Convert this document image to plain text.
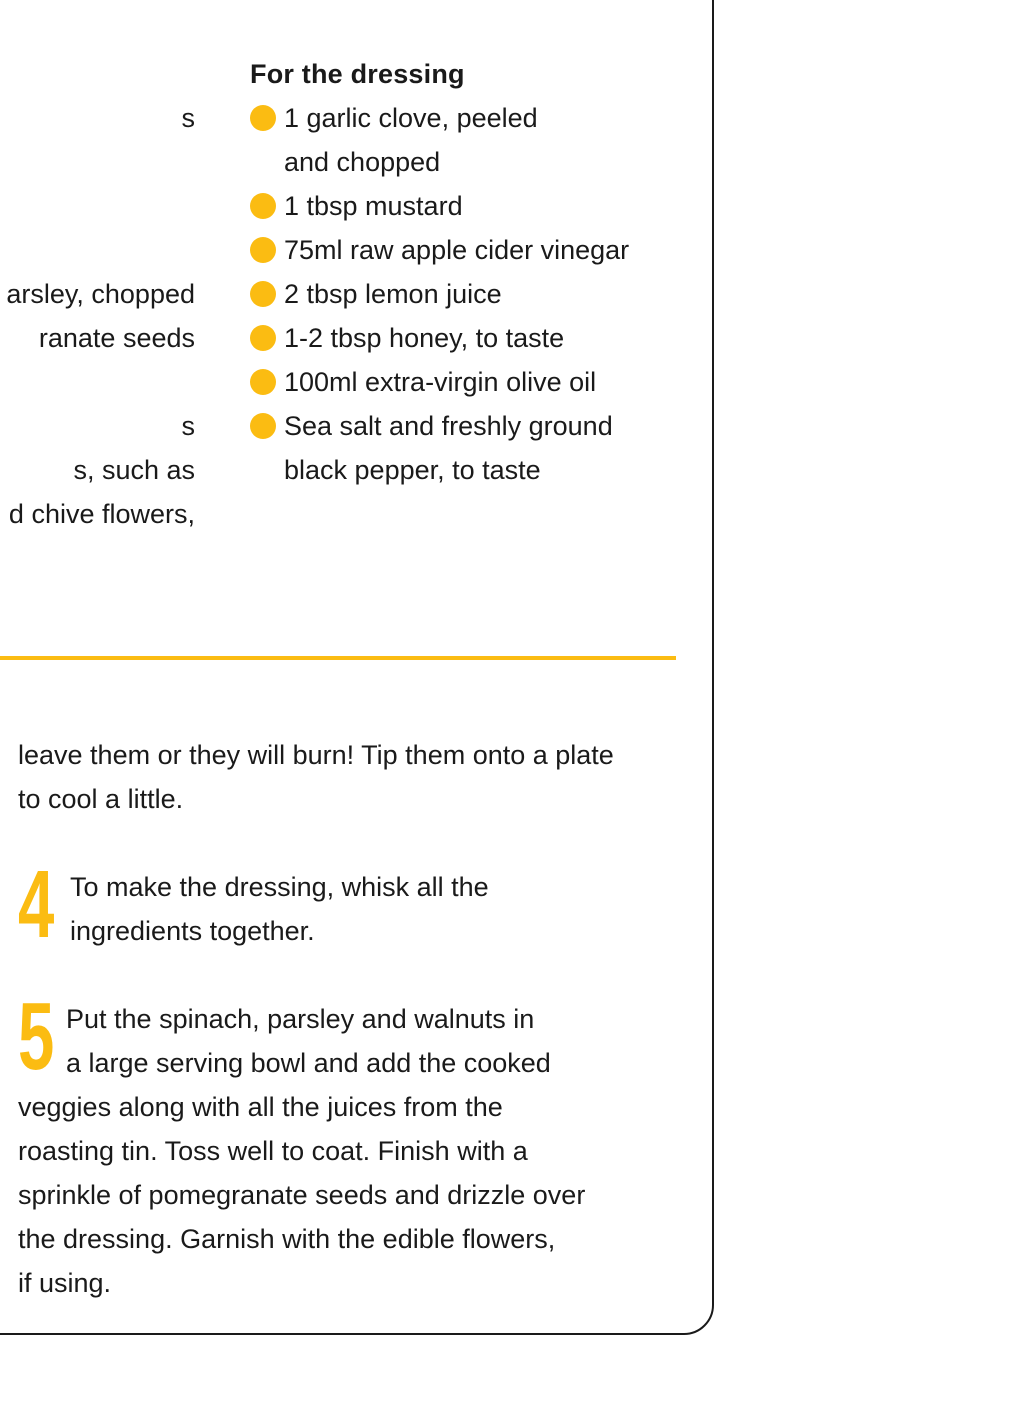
s
arsley, chopped
ranate seeds
s
s, such as
d chive flowers,
For the dressing
1 garlic clove, peeled
and chopped
1 tbsp mustard
75ml raw apple cider vinegar
2 tbsp lemon juice
1-2 tbsp honey, to taste
100ml extra-virgin olive oil
Sea salt and freshly ground
black pepper, to taste
leave them or they will burn! Tip them onto a plate
to cool a little.
4 To make the dressing, whisk all the
ingredients together.
5 Put the spinach, parsley and walnuts in
a large serving bowl and add the cooked
veggies along with all the juices from the
roasting tin. Toss well to coat. Finish with a
sprinkle of pomegranate seeds and drizzle over
the dressing. Garnish with the edible flowers,
if using.
